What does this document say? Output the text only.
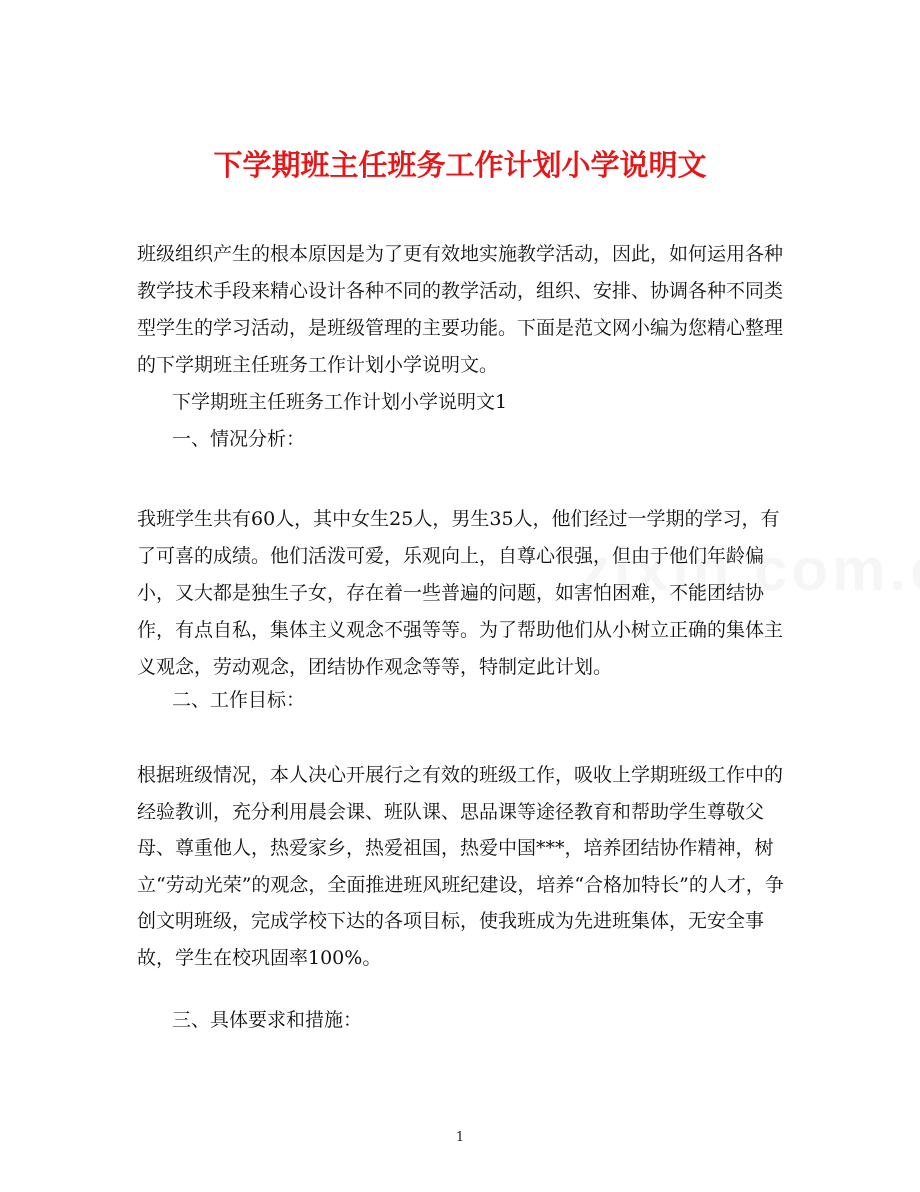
下学期班主任班务工作计划小学说明文

班级组织产生的根本原因是为了更有效地实施教学活动，因此，如何运用各种教学技术手段来精心设计各种不同的教学活动，组织、安排、协调各种不同类型学生的学习活动，是班级管理的主要功能。下面是范文网小编为您精心整理的下学期班主任班务工作计划小学说明文。

下学期班主任班务工作计划小学说明文1

一、情况分析：

我班学生共有60人，其中女生25人，男生35人，他们经过一学期的学习，有了可喜的成绩。他们活泼可爱，乐观向上，自尊心很强，但由于他们年龄偏小，又大都是独生子女，存在着一些普遍的问题，如害怕困难，不能团结协作，有点自私，集体主义观念不强等等。为了帮助他们从小树立正确的集体主义观念，劳动观念，团结协作观念等等，特制定此计划。

二、工作目标：

根据班级情况，本人决心开展行之有效的班级工作，吸收上学期班级工作中的经验教训，充分利用晨会课、班队课、思品课等途径教育和帮助学生尊敬父母、尊重他人，热爱家乡，热爱祖国，热爱中国***，培养团结协作精神，树立“劳动光荣”的观念，全面推进班风班纪建设，培养“合格加特长”的人才，争创文明班级，完成学校下达的各项目标，使我班成为先进班集体，无安全事故，学生在校巩固率100%。

三、具体要求和措施：

1
